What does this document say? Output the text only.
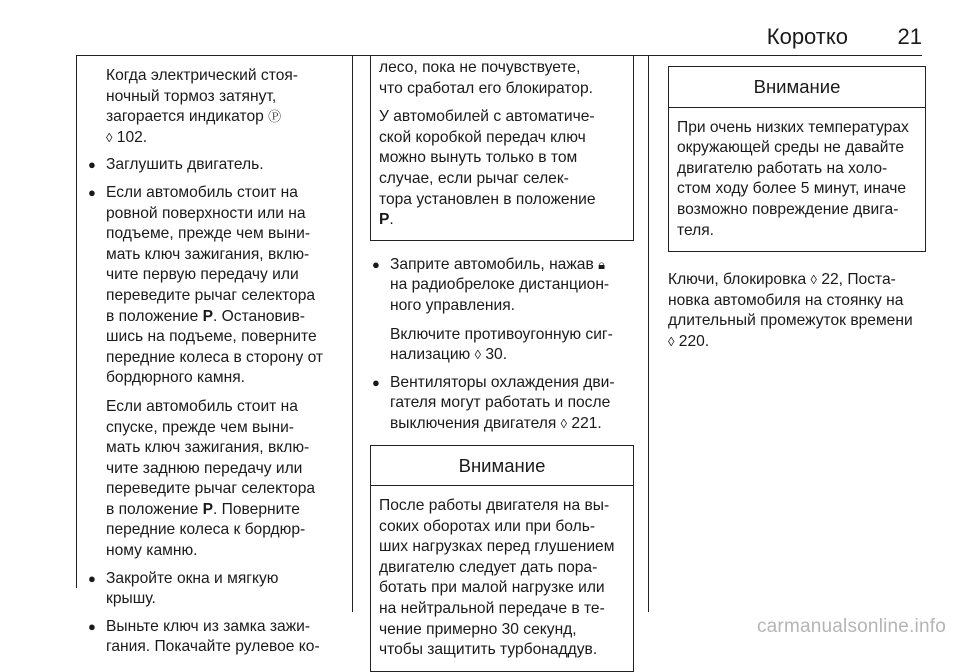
Коротко 21

Когда электрический стоя-
ночный тормоз затянут,
загорается индикатор Ⓟ
◊ 102.

● Заглушить двигатель.

● Если автомобиль стоит на
ровной поверхности или на
подъеме, прежде чем выни-
мать ключ зажигания, вклю-
чите первую передачу или
переведите рычаг селектора
в положение P. Остановив-
шись на подъеме, поверните
передние колеса в сторону от
бордюрного камня.

Если автомобиль стоит на
спуске, прежде чем выни-
мать ключ зажигания, вклю-
чите заднюю передачу или
переведите рычаг селектора
в положение P. Поверните
передние колеса к бордюр-
ному камню.

● Закройте окна и мягкую
крышу.

● Выньте ключ из замка зажи-
гания. Покачайте рулевое ко-

лесо, пока не почувствуете,
что сработал его блокиратор.

У автомобилей с автоматиче-
ской коробкой передач ключ
можно вынуть только в том
случае, если рычаг селек-
тора установлен в положение
P.

● Заприте автомобиль, нажав 🔒︎
на радиобрелоке дистанцион-
ного управления.

Включите противоугонную сиг-
нализацию ◊ 30.

● Вентиляторы охлаждения дви-
гателя могут работать и после
выключения двигателя ◊ 221.

Внимание

После работы двигателя на вы-
соких оборотах или при боль-
ших нагрузках перед глушением
двигателю следует дать пора-
ботать при малой нагрузке или
на нейтральной передаче в те-
чение примерно 30 секунд,
чтобы защитить турбонаддув.

Внимание

При очень низких температурах
окружающей среды не давайте
двигателю работать на холо-
стом ходу более 5 минут, иначе
возможно повреждение двига-
теля.

Ключи, блокировка ◊ 22, Поста-
новка автомобиля на стоянку на
длительный промежуток времени
◊ 220.

carmanualsonline.info
